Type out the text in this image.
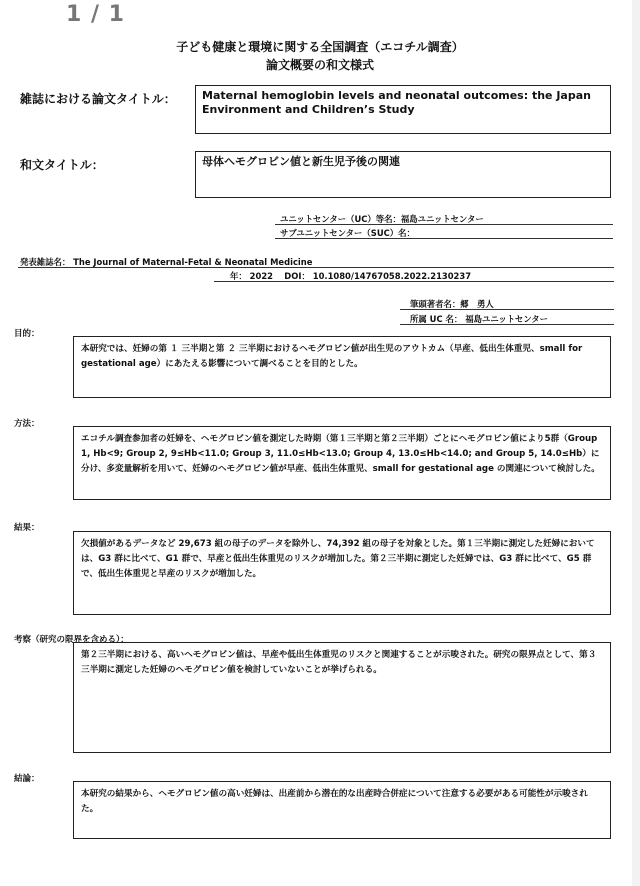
1 / 1
子ども健康と環境に関する全国調査（エコチル調査）
論文概要の和文様式
雑誌における論文タイトル：	Maternal hemoglobin levels and neonatal outcomes: the Japan Environment and Children’s Study
和文タイトル：	母体ヘモグロビン値と新生児予後の関連
ユニットセンター（UC）等名：福島ユニットセンター
サブユニットセンター（SUC）名：
発表雑誌名： The Journal of Maternal-Fetal & Neonatal Medicine
年： 2022　 DOI： 10.1080/14767058.2022.2130237
筆頭著者名：郷　勇人
所属 UC 名： 福島ユニットセンター
目的：
本研究では、妊婦の第 １ 三半期と第 ２ 三半期におけるヘモグロビン値が出生児のアウトカム（早産、低出生体重児、small for gestational age）にあたえる影響について調べることを目的とした。
方法：
エコチル調査参加者の妊婦を、ヘモグロビン値を測定した時期（第１三半期と第２三半期）ごとにヘモグロビン値により5群（Group 1, Hb<9; Group 2, 9≤Hb<11.0; Group 3, 11.0≤Hb<13.0; Group 4, 13.0≤Hb<14.0; and Group 5, 14.0≤Hb）に分け、多変量解析を用いて、妊婦のヘモグロビン値が早産、低出生体重児、small for gestational age の関連について検討した。
結果：
欠損値があるデータなど 29,673 組の母子のデータを除外し、74,392 組の母子を対象とした。第１三半期に測定した妊婦においては、G3 群に比べて、G1 群で、早産と低出生体重児のリスクが増加した。第２三半期に測定した妊婦では、G3 群に比べて、G5 群で、低出生体重児と早産のリスクが増加した。
考察（研究の限界を含める）：
第２三半期における、高いヘモグロビン値は、早産や低出生体重児のリスクと関連することが示唆された。研究の限界点として、第３三半期に測定した妊婦のヘモグロビン値を検討していないことが挙げられる。
結論：
本研究の結果から、ヘモグロビン値の高い妊婦は、出産前から潜在的な出産時合併症について注意する必要がある可能性が示唆された。
